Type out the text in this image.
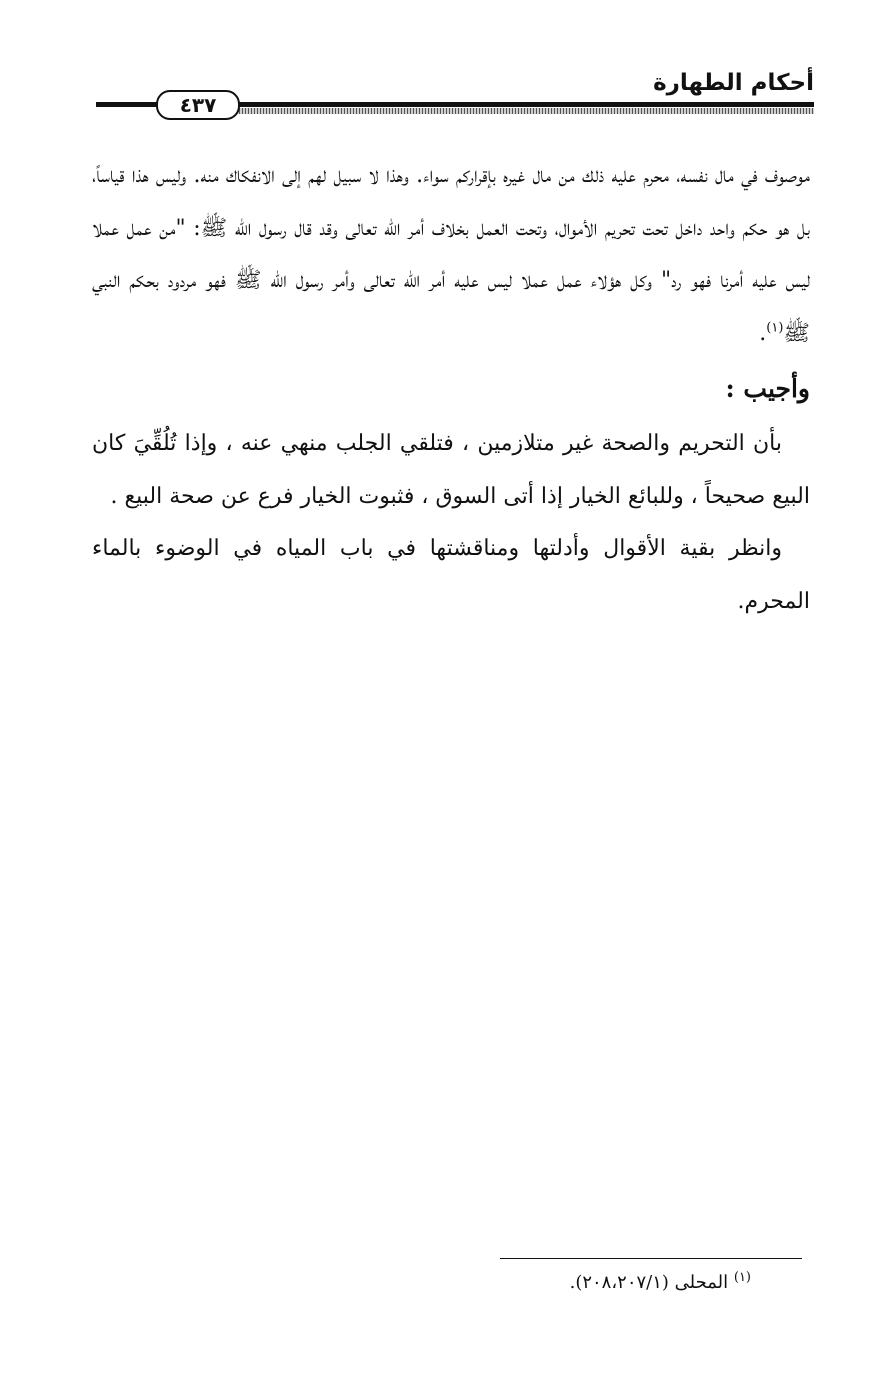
٤٣٧
أحكام الطهارة

موصوف في مال نفسه، محرم عليه ذلك من مال غيره بإقراركم سواء. وهذا لا سبيل لهم إلى الانفكاك منه. وليس هذا قياساً، بل هو حكم واحد داخل تحت تحريم الأموال، وتحت العمل بخلاف أمر الله تعالى وقد قال رسول الله ﷺ: "من عمل عملا ليس عليه أمرنا فهو رد" وكل هؤلاء عمل عملا ليس عليه أمر الله تعالى وأمر رسول الله ﷺ فهو مردود بحكم النبي ﷺ$^{(١)}$.

وأجيب :

بأن التحريم والصحة غير متلازمين ، فتلقي الجلب منهي عنه ، وإذا تُلُقِّيَ كان البيع صحيحاً ، وللبائع الخيار إذا أتى السوق ، فثبوت الخيار فرع عن صحة البيع .

وانظر بقية الأقوال وأدلتها ومناقشتها في باب المياه في الوضوء بالماء المحرم.

$^{(١)}$ المحلى (٢٠٨،٢٠٧/١).
